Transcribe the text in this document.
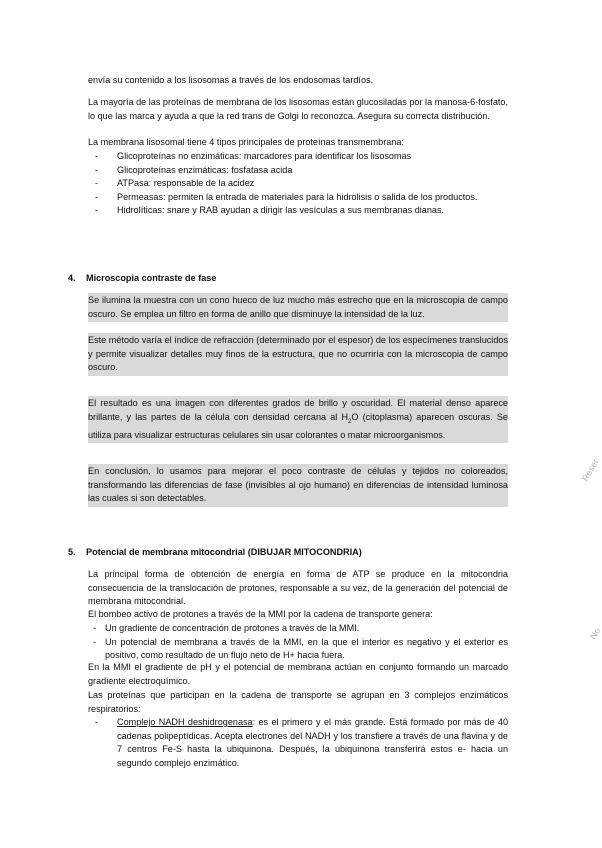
envía su contenido a los lisosomas a través de los endosomas tardíos.

La mayoría de las proteínas de membrana de los lisosomas están glucosiladas por la manosa-6-fosfato, lo que las marca y ayuda a que la red trans de Golgi lo reconozca. Asegura su correcta distribución.

La membrana lisosomal tiene 4 tipos principales de proteínas transmembrana:

- Glicoproteínas no enzimáticas: marcadores para identificar los lisosomas
- Glicoproteínas enzimáticas: fosfatasa acida
- ATPasa: responsable de la acidez
- Permeasas: permiten la entrada de materiales para la hidrolisis o salida de los productos.
- Hidrolíticas: snare y RAB ayudan a dirigir las vesículas a sus membranas dianas.
4. Microscopia contraste de fase

Se ilumina la muestra con un cono hueco de luz mucho más estrecho que en la microscopia de campo oscuro. Se emplea un filtro en forma de anillo que disminuye la intensidad de la luz.

Este método varía el índice de refracción (determinado por el espesor) de los especímenes translucidos y permite visualizar detalles muy finos de la estructura, que no ocurriría con la microscopia de campo oscuro.

El resultado es una imagen con diferentes grados de brillo y oscuridad. El material denso aparece brillante, y las partes de la célula con densidad cercana al $H_2O$ (citoplasma) aparecen oscuras. Se utiliza para visualizar estructuras celulares sin usar colorantes o matar microorganismos.

En conclusión, lo usamos para mejorar el poco contraste de células y tejidos no coloreados, transformando las diferencias de fase (invisibles al ojo humano) en diferencias de intensidad luminosa las cuales si son detectables.

5. Potencial de membrana mitocondrial (DIBUJAR MITOCONDRIA)

La principal forma de obtención de energía en forma de ATP se produce en la mitocondria consecuencia de la translocación de protones, responsable a su vez, de la generación del potencial de membrana mitocondrial.

El bombeo activo de protones a través de la MMI por la cadena de transporte genera:

- Un gradiente de concentración de protones a través de la MMI.
- Un potencial de membrana a través de la MMI, en la que el interior es negativo y el exterior es positivo, como resultado de un flujo neto de H+ hacia fuera.

En la MMI el gradiente de pH y el potencial de membrana actúan en conjunto formando un marcado gradiente electroquímico.

Las proteínas que participan en la cadena de transporte se agrupan en 3 complejos enzimáticos respiratorios:

- Complejo NADH deshidrogenasa: es el primero y el más grande. Está formado por más de 40 cadenas polipeptídicas. Acepta electrones del NADH y los transfiere a través de una flavina y de 7 centros Fe-S hasta la ubiquinona. Después, la ubiquinona transferirá estos e- hacia un segundo complejo enzimático.
Reser
No
